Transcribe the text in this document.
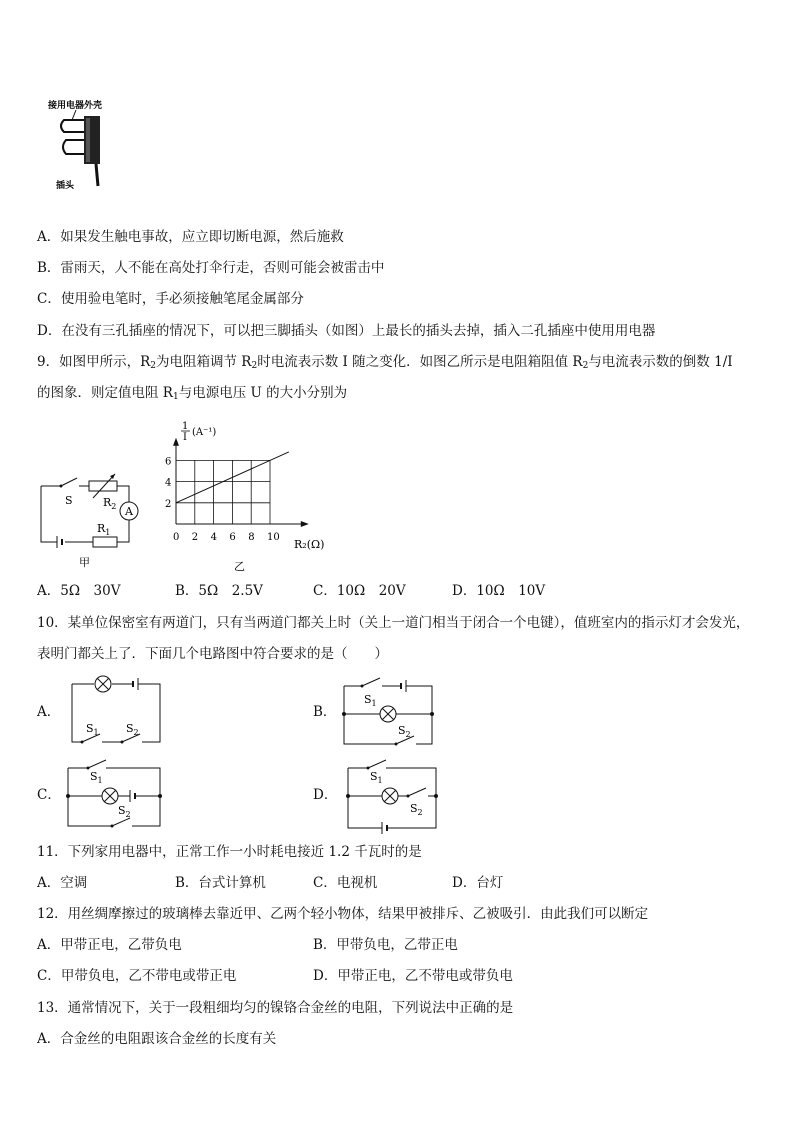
接用电器外壳
插头
A．如果发生触电事故，应立即切断电源，然后施救
B．雷雨天，人不能在高处打伞行走，否则可能会被雷击中
C．使用验电笔时，手必须接触笔尾金属部分
D．在没有三孔插座的情况下，可以把三脚插头（如图）上最长的插头去掉，插入二孔插座中使用用电器
9．如图甲所示，$R_2$为电阻箱调节 $R_2$时电流表示数 I 随之变化．如图乙所示是电阻箱阻值 $R_2$与电流表示数的倒数 1/I
的图象．则定值电阻 $R_1$与电源电压 U 的大小分别为
A
S	$R_2$
$R_1$
甲
1
I (A⁻¹)
R₂(Ω)
乙
0 2 4 6 8 10
2
4
6
A．5Ω　30V	B．5Ω　2.5V	C．10Ω　20V	D．10Ω　10V
10．某单位保密室有两道门，只有当两道门都关上时（关上一道门相当于闭合一个电键），值班室内的指示灯才会发光，
表明门都关上了．下面几个电路图中符合要求的是（　　）
A．	B．
C．	D．
$S_1$ $S_2$
$S_1$
$S_2$
$S_1$
$S_2$
$S_1$
$S_2$
11．下列家用电器中，正常工作一小时耗电接近 1.2 千瓦时的是
A．空调	B．台式计算机	C．电视机	D．台灯
12．用丝绸摩擦过的玻璃棒去靠近甲、乙两个轻小物体，结果甲被排斥、乙被吸引．由此我们可以断定
A．甲带正电，乙带负电	B．甲带负电，乙带正电
C．甲带负电，乙不带电或带正电	D．甲带正电，乙不带电或带负电
13．通常情况下，关于一段粗细均匀的镍铬合金丝的电阻，下列说法中正确的是
A．合金丝的电阻跟该合金丝的长度有关
